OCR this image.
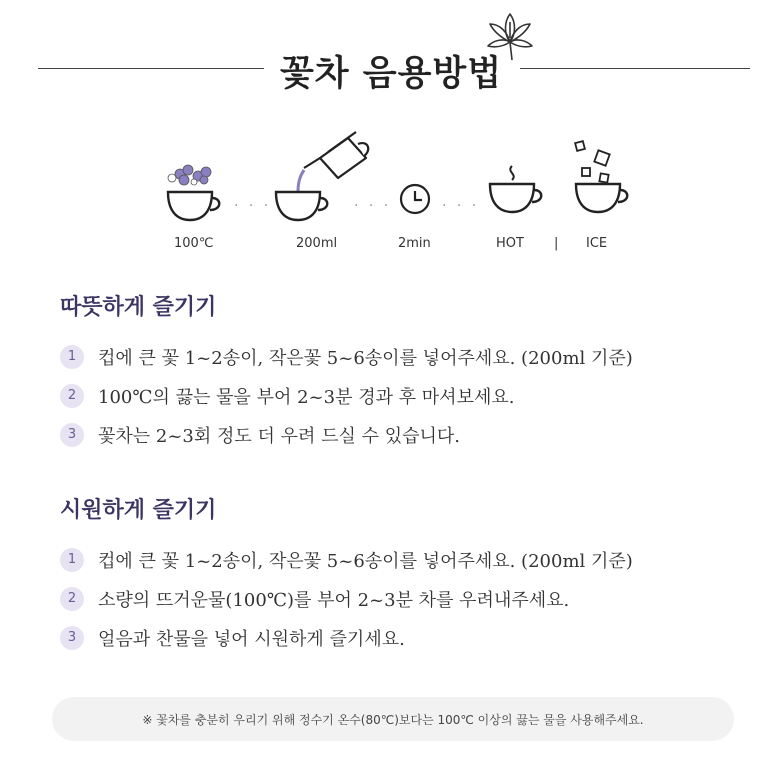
꽃차 음용방법
· · ·	· · ·	· · ·
100℃	200ml	2min	HOT | ICE
따뜻하게 즐기기
1	컵에 큰 꽃 1~2송이, 작은꽃 5~6송이를 넣어주세요. (200ml 기준)
2	100℃의 끓는 물을 부어 2~3분 경과 후 마셔보세요.
3	꽃차는 2~3회 정도 더 우려 드실 수 있습니다.
시원하게 즐기기
1	컵에 큰 꽃 1~2송이, 작은꽃 5~6송이를 넣어주세요. (200ml 기준)
2	소량의 뜨거운물(100℃)를 부어 2~3분 차를 우려내주세요.
3	얼음과 찬물을 넣어 시원하게 즐기세요.
※ 꽃차를 충분히 우리기 위해 정수기 온수(80℃)보다는 100℃ 이상의 끓는 물을 사용해주세요.
